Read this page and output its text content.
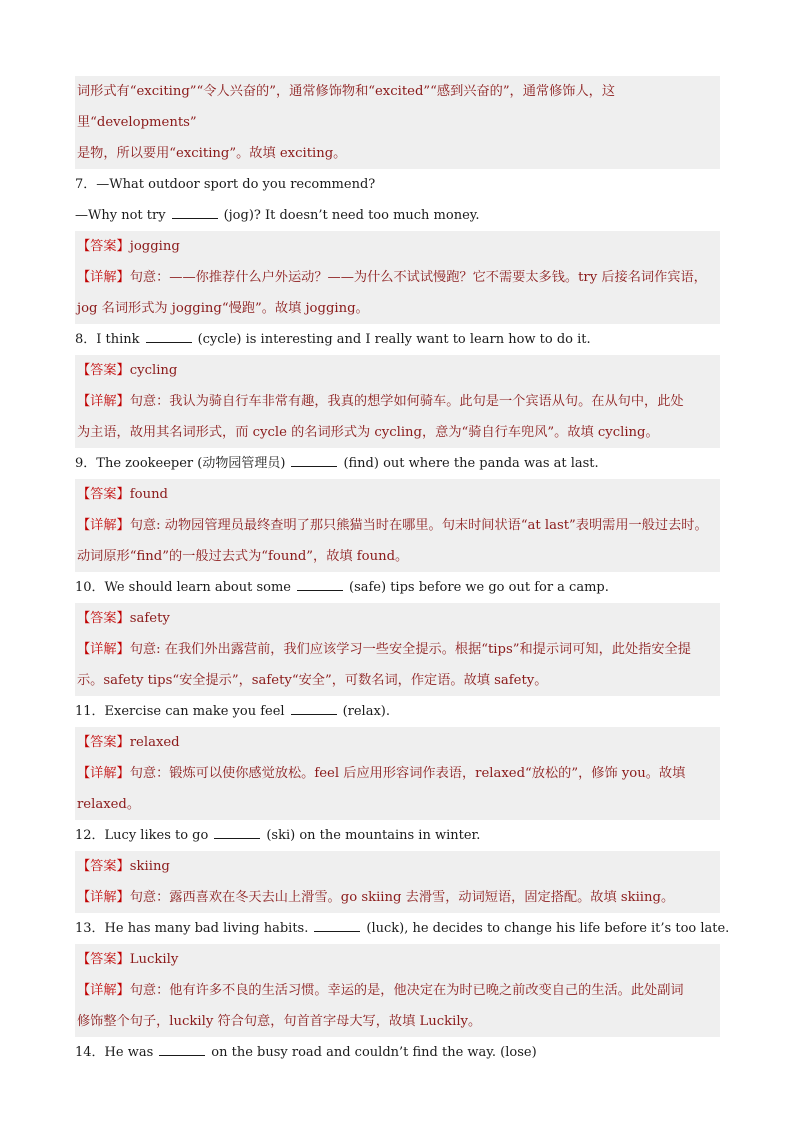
词形式有“exciting”“令人兴奋的”，通常修饰物和“excited”“感到兴奋的”，通常修饰人，这里“developments”
是物，所以要用“exciting”。故填 exciting。
7．—What outdoor sport do you recommend?
—Why not try	(jog)? It doesn’t need too much money.
【答案】jogging
【详解】句意：——你推荐什么户外运动？——为什么不试试慢跑？它不需要太多钱。try 后接名词作宾语，
jog 名词形式为 jogging“慢跑”。故填 jogging。
8．I think	(cycle) is interesting and I really want to learn how to do it.
【答案】cycling
【详解】句意：我认为骑自行车非常有趣，我真的想学如何骑车。此句是一个宾语从句。在从句中，此处
为主语，故用其名词形式，而 cycle 的名词形式为 cycling，意为“骑自行车兜风”。故填 cycling。
9．The zookeeper (动物园管理员)	(find) out where the panda was at last.
【答案】found
【详解】句意: 动物园管理员最终查明了那只熊猫当时在哪里。句末时间状语“at last”表明需用一般过去时。
动词原形“find”的一般过去式为“found”，故填 found。
10．We should learn about some	(safe) tips before we go out for a camp.
【答案】safety
【详解】句意: 在我们外出露营前，我们应该学习一些安全提示。根据“tips”和提示词可知，此处指安全提
示。safety tips“安全提示”，safety“安全”，可数名词，作定语。故填 safety。
11．Exercise can make you feel	(relax).
【答案】relaxed
【详解】句意：锻炼可以使你感觉放松。feel 后应用形容词作表语，relaxed“放松的”，修饰 you。故填
relaxed。
12．Lucy likes to go	(ski) on the mountains in winter.
【答案】skiing
【详解】句意：露西喜欢在冬天去山上滑雪。go skiing 去滑雪，动词短语，固定搭配。故填 skiing。
13．He has many bad living habits.	(luck), he decides to change his life before it’s too late.
【答案】Luckily
【详解】句意：他有许多不良的生活习惯。幸运的是，他决定在为时已晚之前改变自己的生活。此处副词
修饰整个句子，luckily 符合句意，句首首字母大写，故填 Luckily。
14．He was	on the busy road and couldn’t find the way. (lose)
